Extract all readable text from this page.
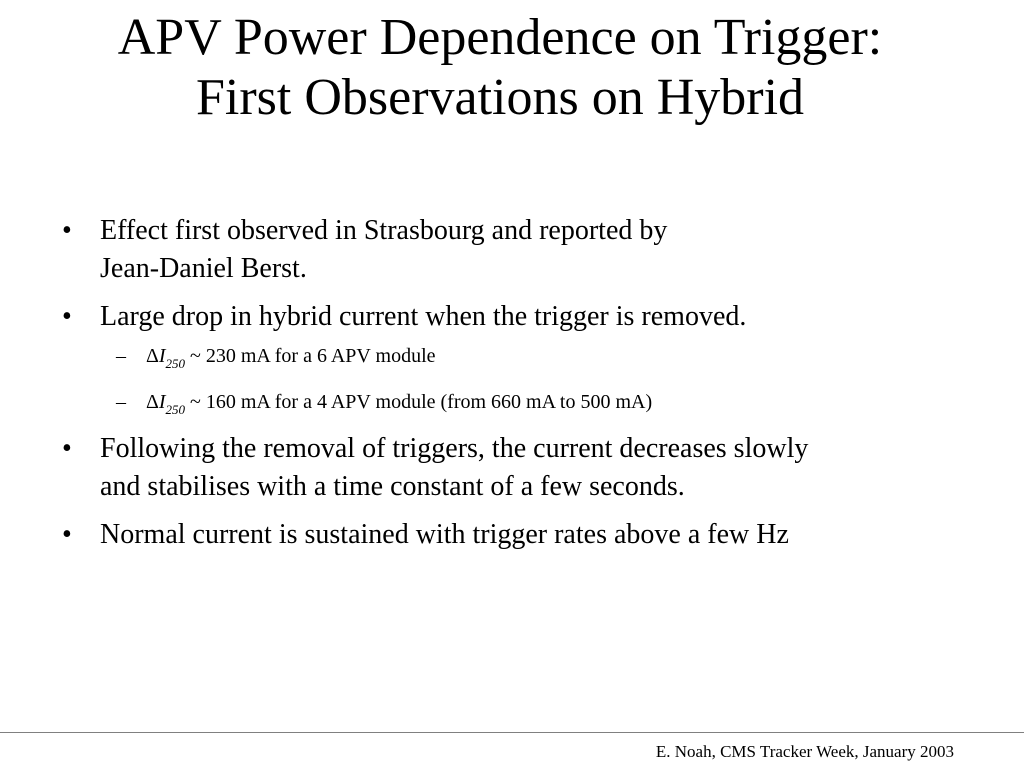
APV Power Dependence on Trigger:
First Observations on Hybrid
• Effect first observed in Strasbourg and reported by
Jean-Daniel Berst.
• Large drop in hybrid current when the trigger is removed.
– $\Delta I_{250}$ ~ 230 mA for a 6 APV module
– $\Delta I_{250}$ ~ 160 mA for a 4 APV module (from 660 mA to 500 mA)
• Following the removal of triggers, the current decreases slowly
and stabilises with a time constant of a few seconds.
• Normal current is sustained with trigger rates above a few Hz
E. Noah, CMS Tracker Week, January 2003
